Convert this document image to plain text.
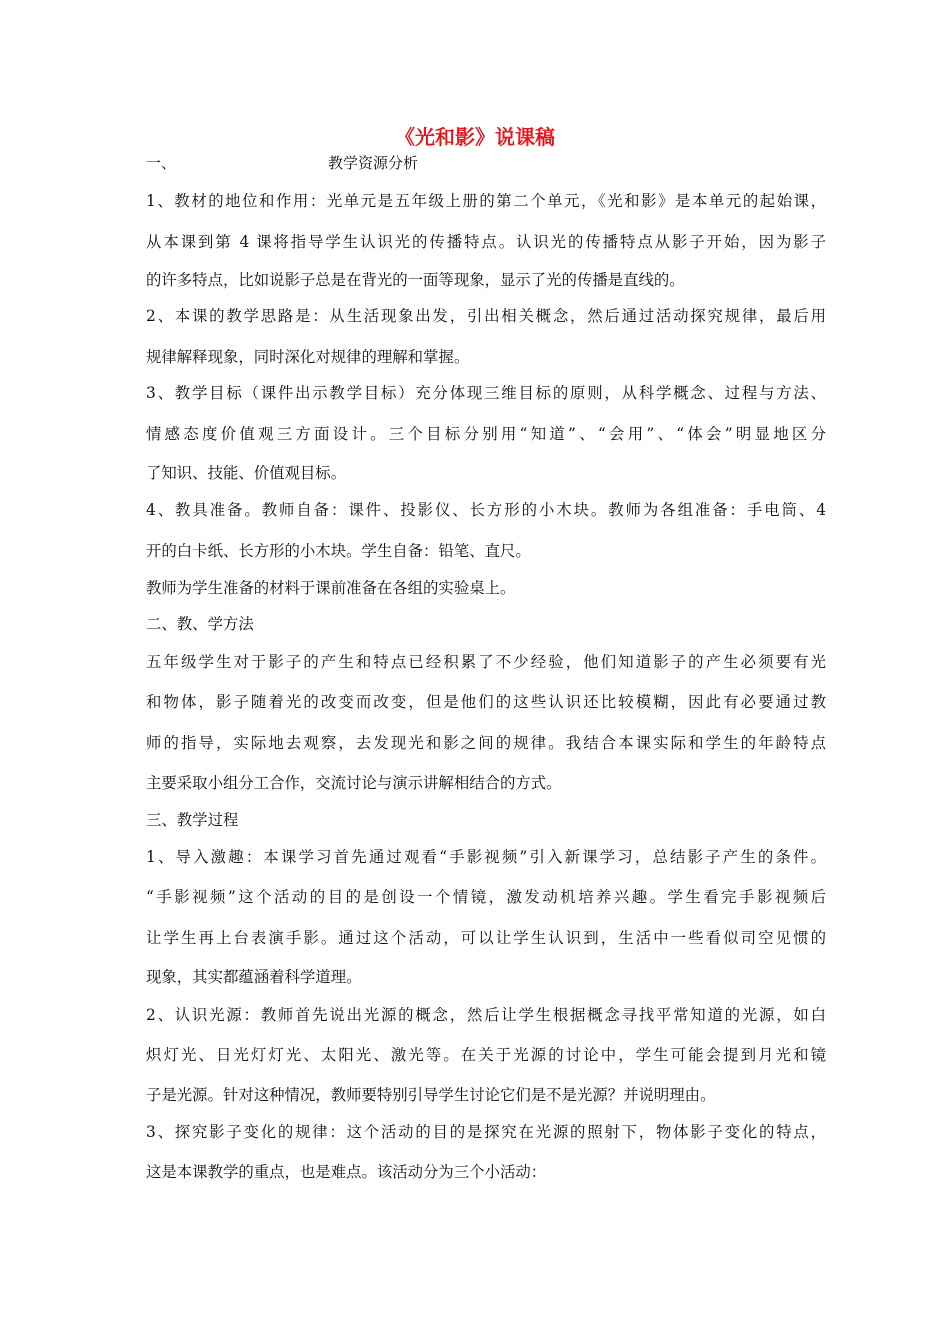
《光和影》说课稿
一、	教学资源分析
1、教材的地位和作用：光单元是五年级上册的第二个单元，《光和影》是本单元的起始课，
从本课到第 4 课将指导学生认识光的传播特点。认识光的传播特点从影子开始，因为影子
的许多特点，比如说影子总是在背光的一面等现象，显示了光的传播是直线的。
2、本课的教学思路是：从生活现象出发，引出相关概念，然后通过活动探究规律，最后用
规律解释现象，同时深化对规律的理解和掌握。
3、教学目标（课件出示教学目标）充分体现三维目标的原则，从科学概念、过程与方法、
情感态度价值观三方面设计。三个目标分别用“知道”、“会用”、“体会”明显地区分
了知识、技能、价值观目标。
4、教具准备。教师自备：课件、投影仪、长方形的小木块。教师为各组准备：手电筒、4
开的白卡纸、长方形的小木块。学生自备：铅笔、直尺。
教师为学生准备的材料于课前准备在各组的实验桌上。
二、教、学方法
五年级学生对于影子的产生和特点已经积累了不少经验，他们知道影子的产生必须要有光
和物体，影子随着光的改变而改变，但是他们的这些认识还比较模糊，因此有必要通过教
师的指导，实际地去观察，去发现光和影之间的规律。我结合本课实际和学生的年龄特点
主要采取小组分工合作，交流讨论与演示讲解相结合的方式。
三、教学过程
1、导入激趣：本课学习首先通过观看“手影视频”引入新课学习，总结影子产生的条件。
“手影视频”这个活动的目的是创设一个情镜，激发动机培养兴趣。学生看完手影视频后
让学生再上台表演手影。通过这个活动，可以让学生认识到，生活中一些看似司空见惯的
现象，其实都蕴涵着科学道理。
2、认识光源：教师首先说出光源的概念，然后让学生根据概念寻找平常知道的光源，如白
炽灯光、日光灯灯光、太阳光、激光等。在关于光源的讨论中，学生可能会提到月光和镜
子是光源。针对这种情况，教师要特别引导学生讨论它们是不是光源？并说明理由。
3、探究影子变化的规律：这个活动的目的是探究在光源的照射下，物体影子变化的特点，
这是本课教学的重点，也是难点。该活动分为三个小活动：
